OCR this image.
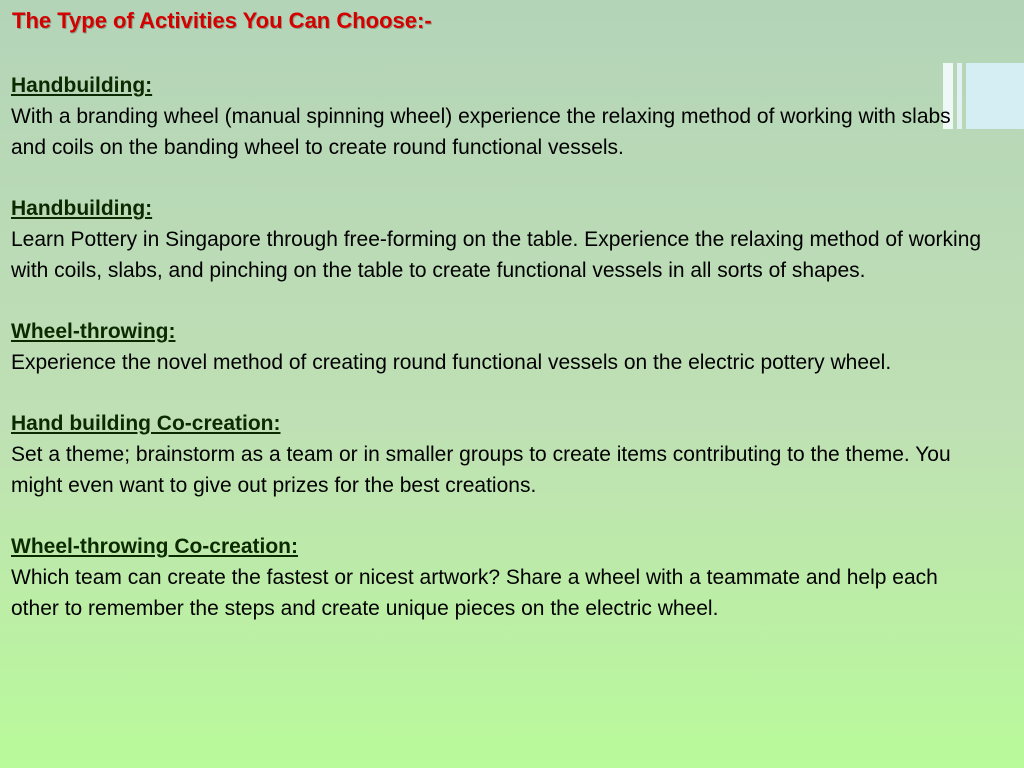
The Type of Activities You Can Choose:-

Handbuilding:

With a branding wheel (manual spinning wheel) experience the relaxing method of working with slabs and coils on the banding wheel to create round functional vessels.

Handbuilding:

Learn Pottery in Singapore through free-forming on the table. Experience the relaxing method of working with coils, slabs, and pinching on the table to create functional vessels in all sorts of shapes.

Wheel-throwing:

Experience the novel method of creating round functional vessels on the electric pottery wheel.

Hand building Co-creation:

Set a theme; brainstorm as a team or in smaller groups to create items contributing to the theme. You might even want to give out prizes for the best creations.

Wheel-throwing Co-creation:

Which team can create the fastest or nicest artwork? Share a wheel with a teammate and help each other to remember the steps and create unique pieces on the electric wheel.
